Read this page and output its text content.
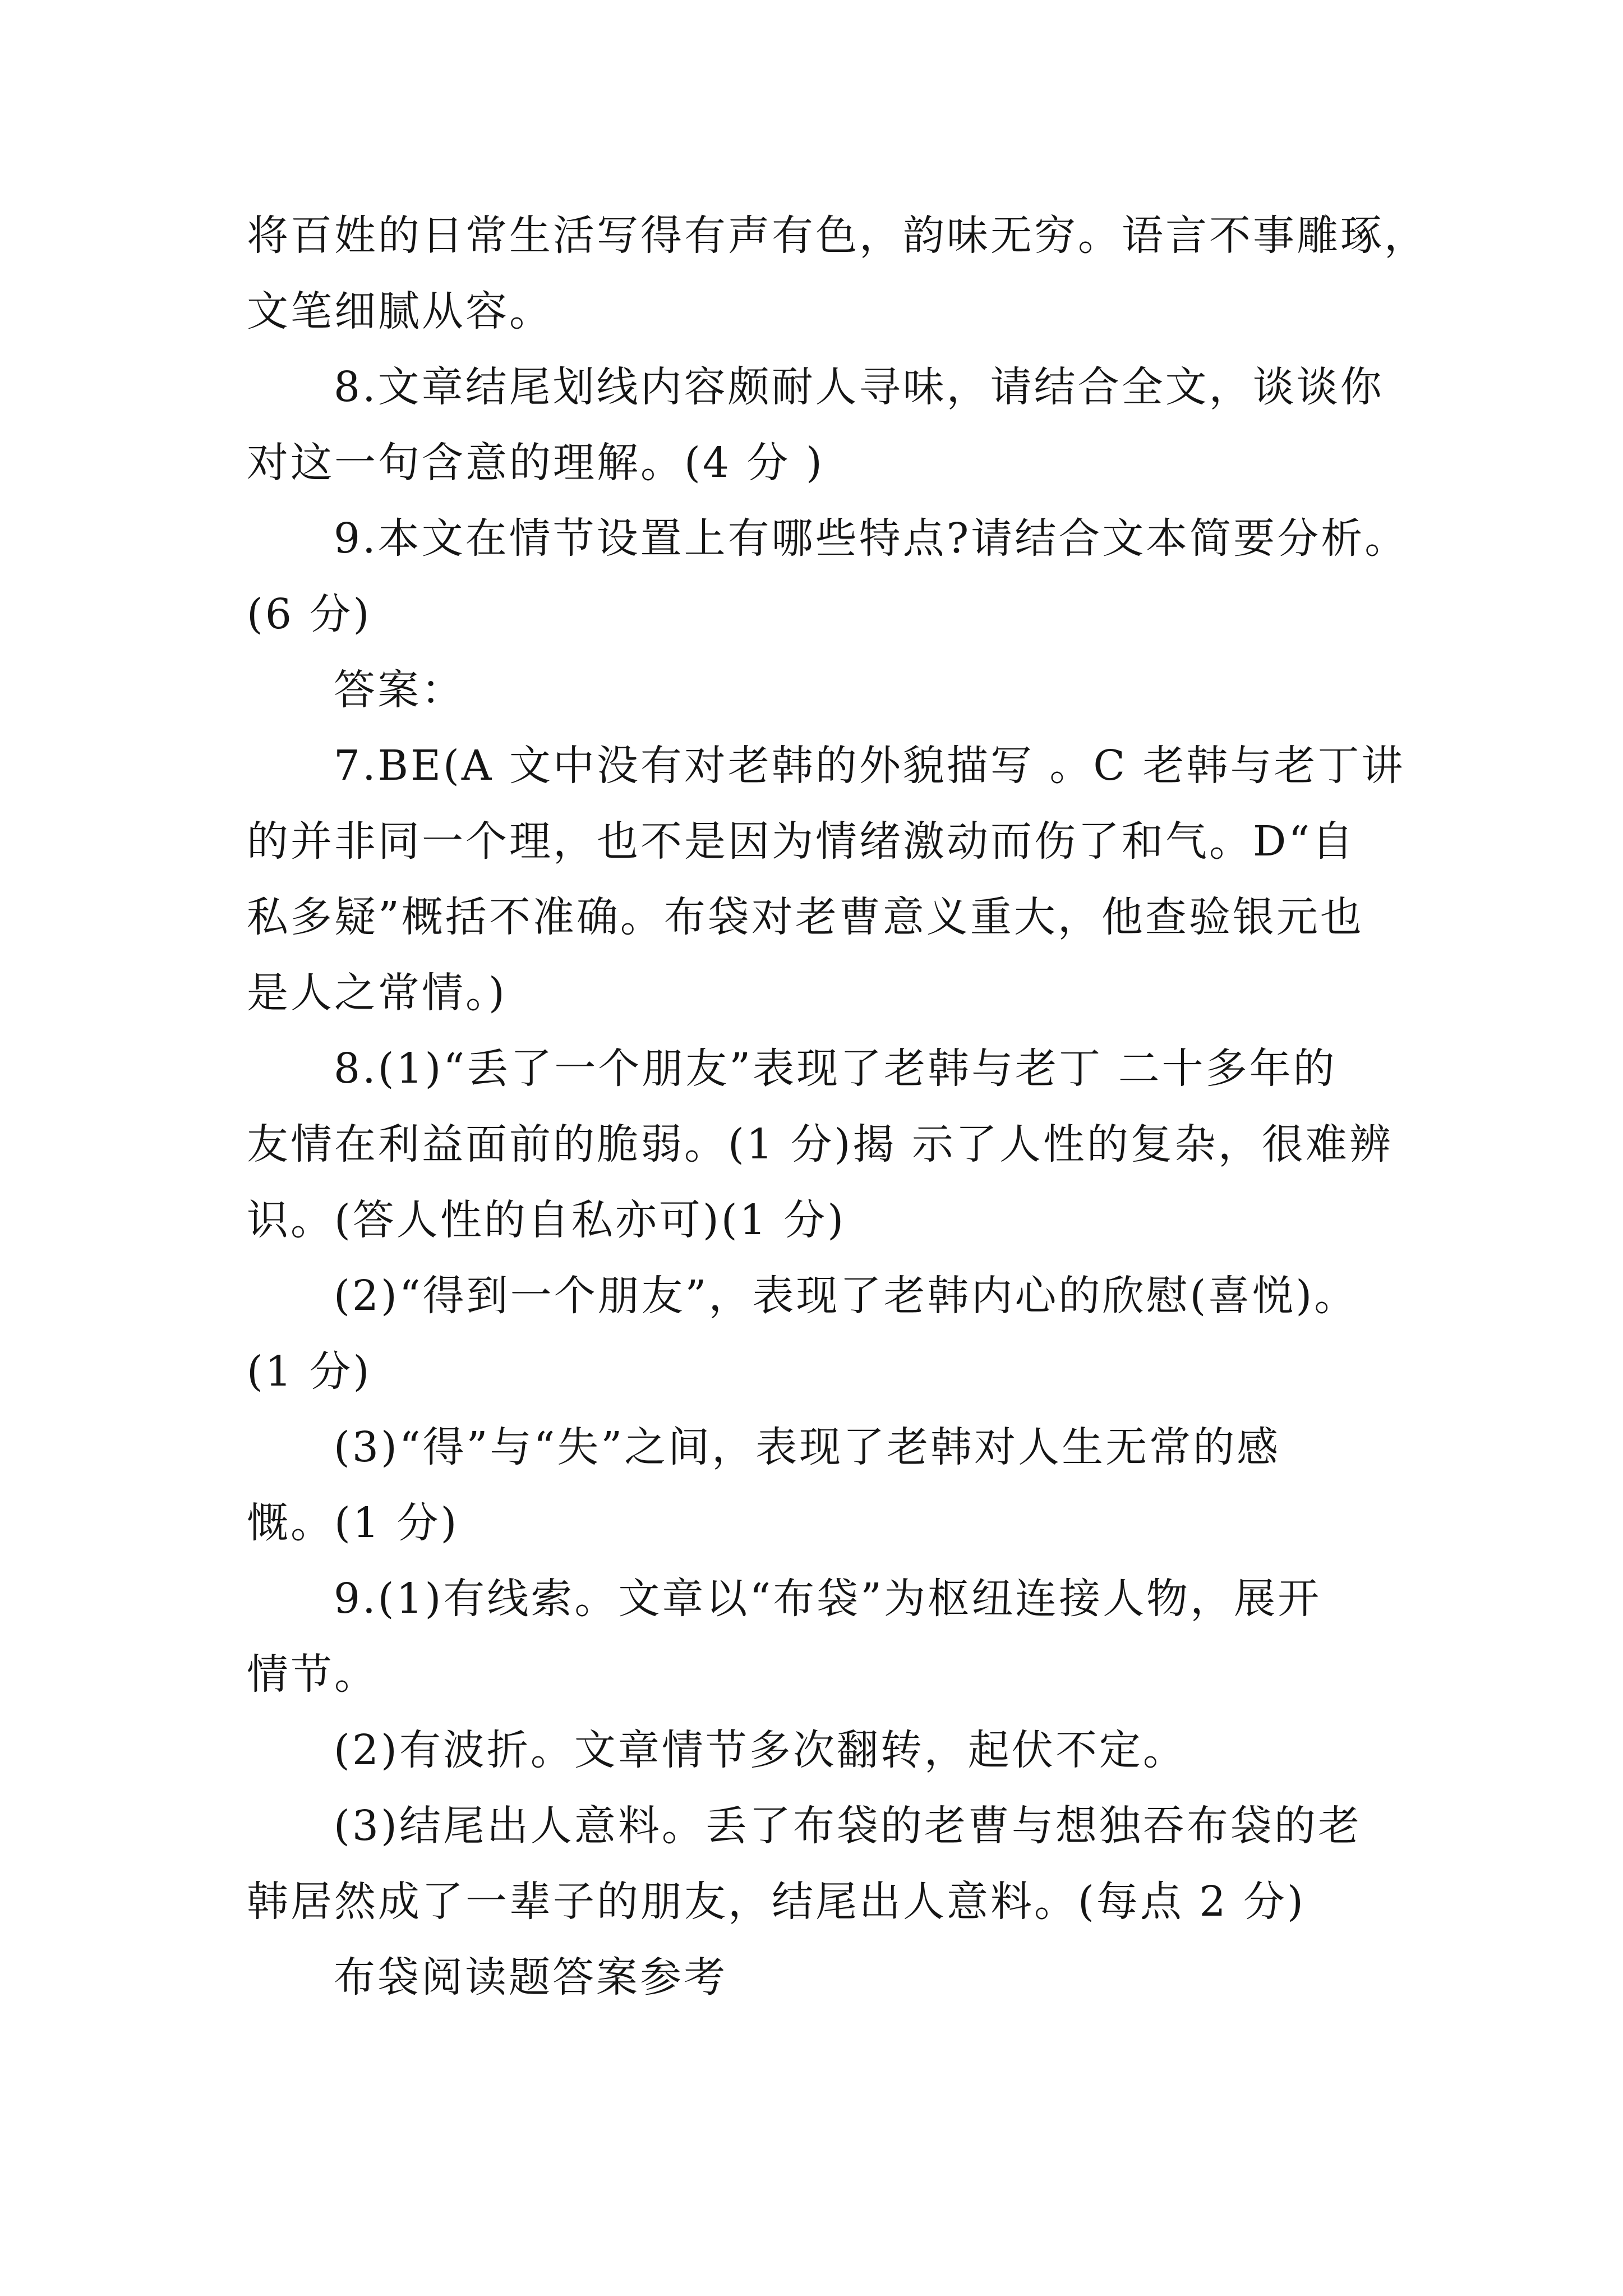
将百姓的日常生活写得有声有色，韵味无穷。语言不事雕琢，

文笔细腻从容。

8.文章结尾划线内容颇耐人寻味，请结合全文，谈谈你

对这一句含意的理解。(4 分 )

9.本文在情节设置上有哪些特点?请结合文本简要分析。

(6 分)

答案：

7.BE(A 文中没有对老韩的外貌描写 。C 老韩与老丁讲

的并非同一个理，也不是因为情绪激动而伤了和气。D“自

私多疑”概括不准确。布袋对老曹意义重大，他查验银元也

是人之常情。)

8.(1)“丢了一个朋友”表现了老韩与老丁 二十多年的

友情在利益面前的脆弱。(1 分)揭 示了人性的复杂，很难辨

识。(答人性的自私亦可)(1 分)

(2)“得到一个朋友”，表现了老韩内心的欣慰(喜悦)。

(1 分)

(3)“得”与“失”之间，表现了老韩对人生无常的感

慨。(1 分)

9.(1)有线索。文章以“布袋”为枢纽连接人物，展开

情节。

(2)有波折。文章情节多次翻转，起伏不定。

(3)结尾出人意料。丢了布袋的老曹与想独吞布袋的老

韩居然成了一辈子的朋友，结尾出人意料。(每点 2 分)

布袋阅读题答案参考
